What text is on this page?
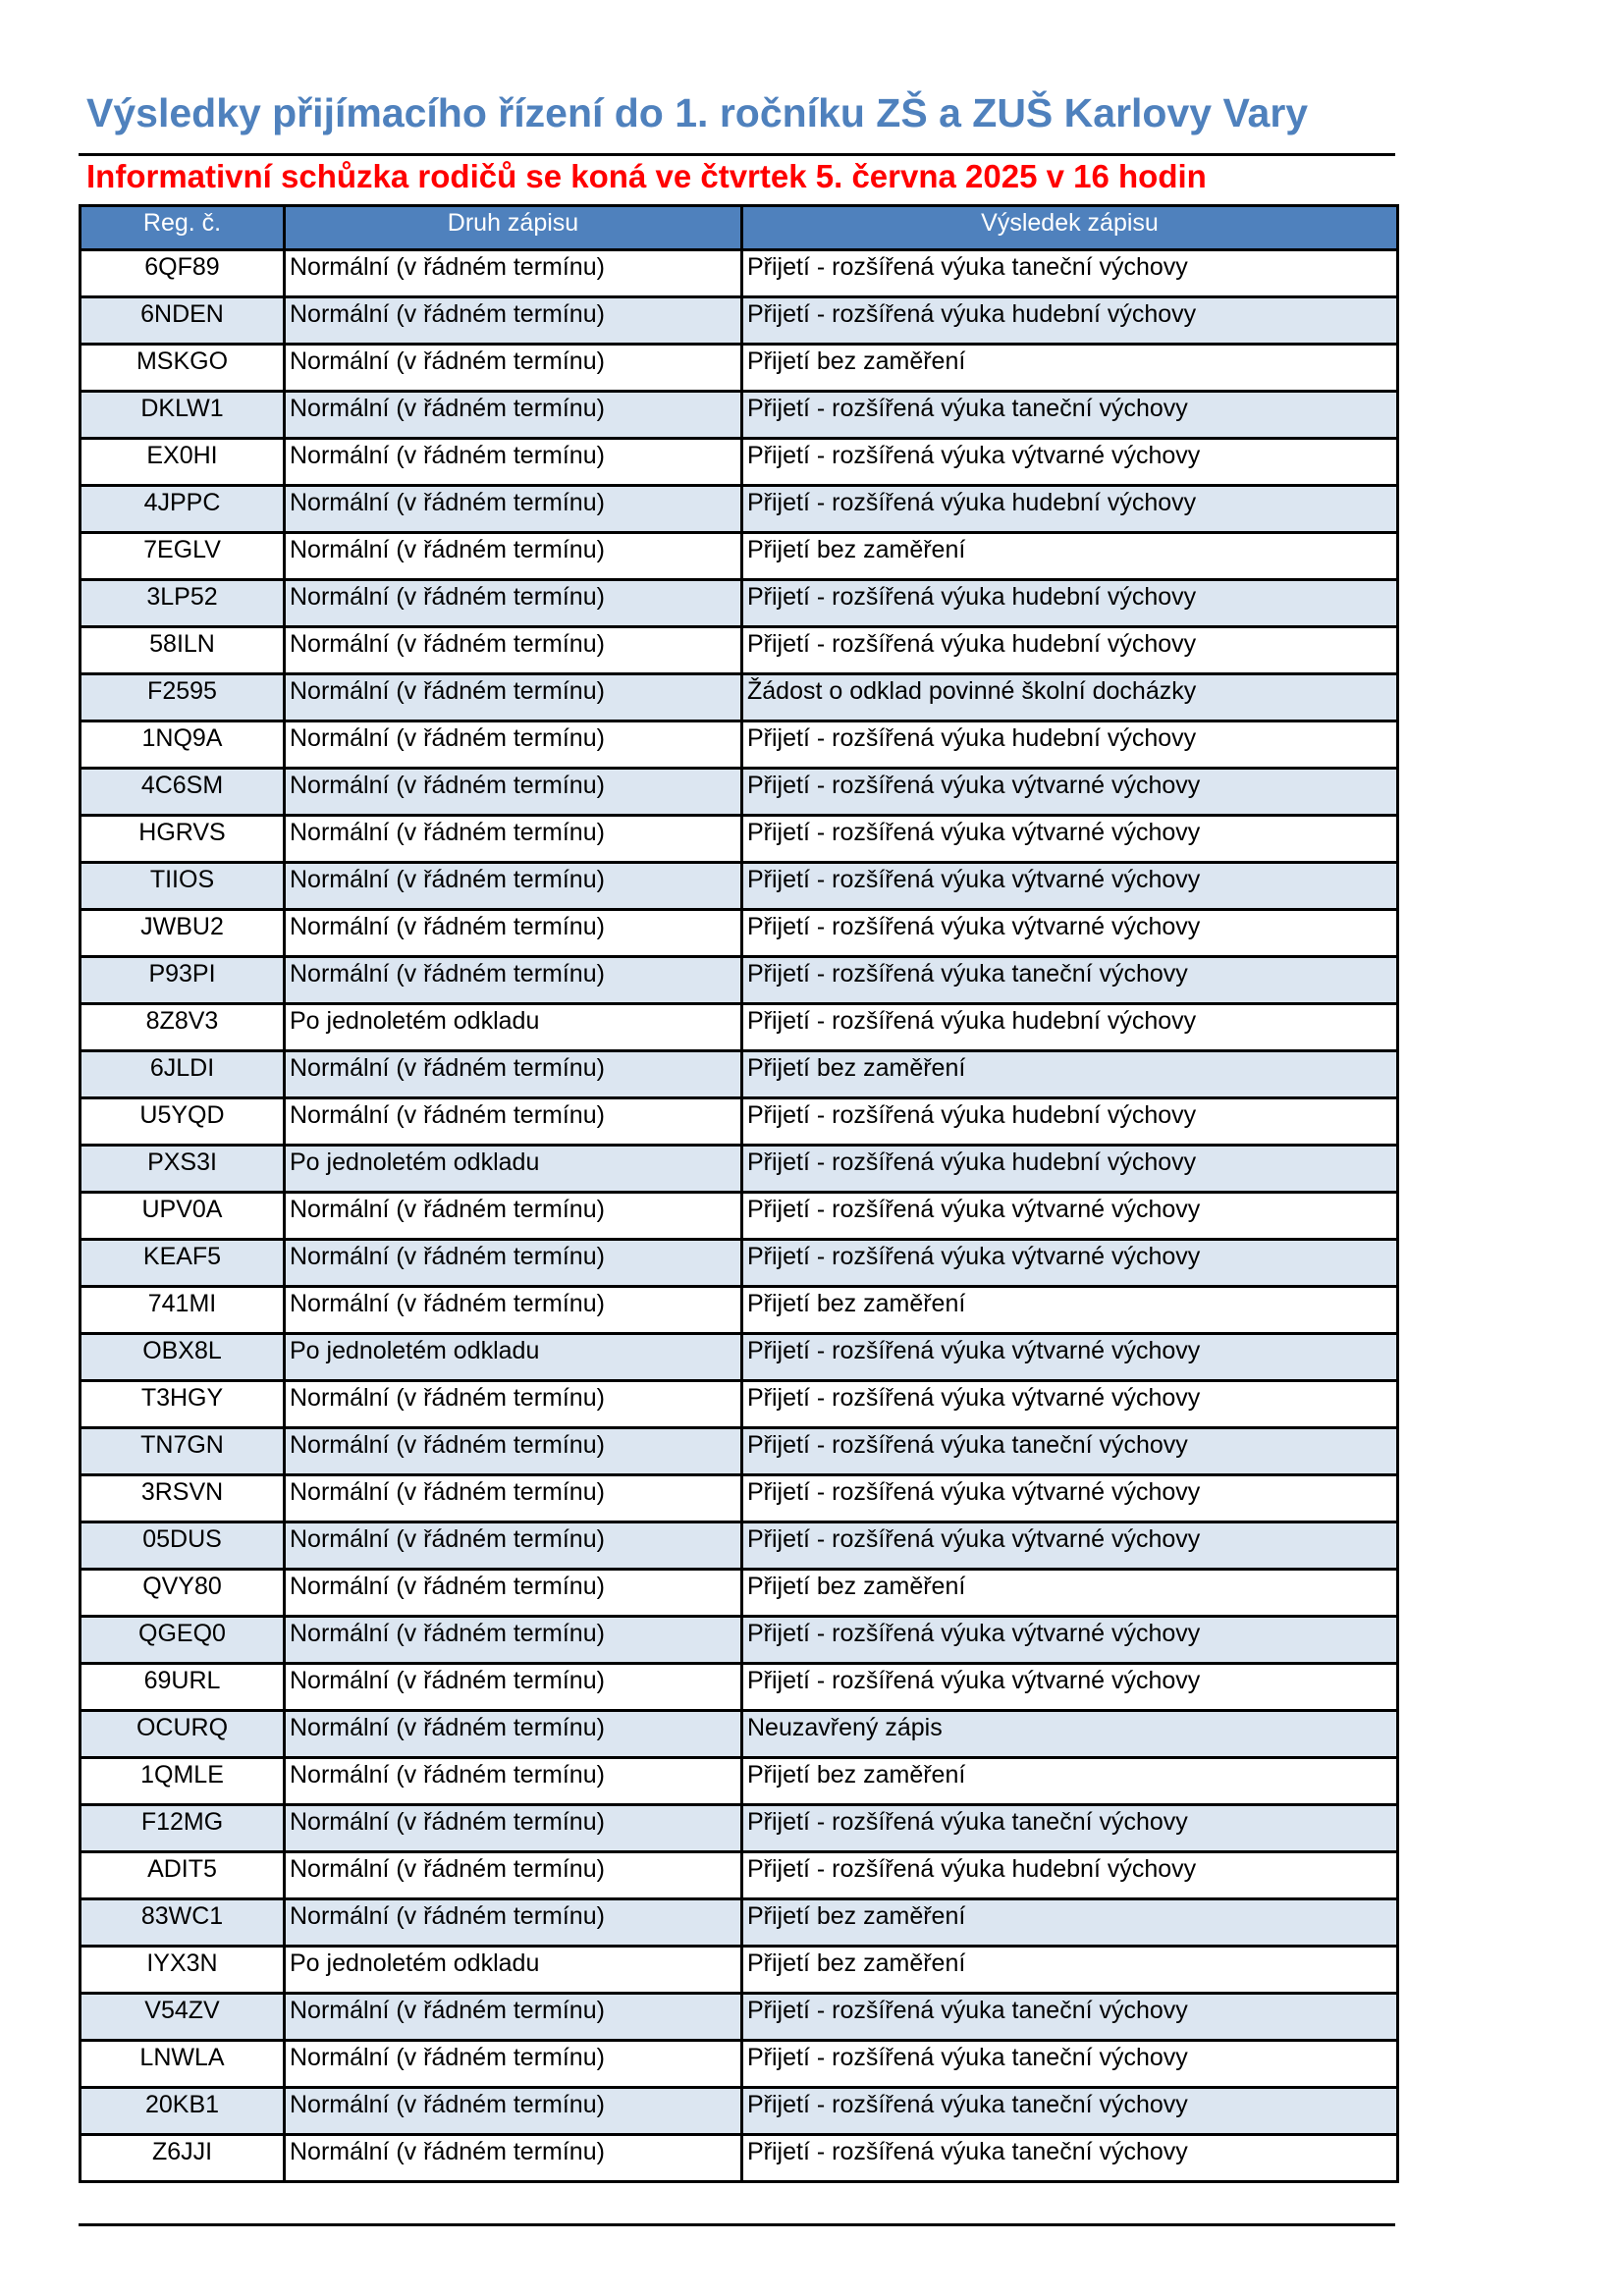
Výsledky přijímacího řízení do 1. ročníku ZŠ a ZUŠ Karlovy Vary
Informativní schůzka rodičů se koná ve čtvrtek 5. června 2025 v 16 hodin
Reg. č.	Druh zápisu	Výsledek zápisu
6QF89	Normální (v řádném termínu)	Přijetí - rozšířená výuka taneční výchovy
6NDEN	Normální (v řádném termínu)	Přijetí - rozšířená výuka hudební výchovy
MSKGO	Normální (v řádném termínu)	Přijetí bez zaměření
DKLW1	Normální (v řádném termínu)	Přijetí - rozšířená výuka taneční výchovy
EX0HI	Normální (v řádném termínu)	Přijetí - rozšířená výuka výtvarné výchovy
4JPPC	Normální (v řádném termínu)	Přijetí - rozšířená výuka hudební výchovy
7EGLV	Normální (v řádném termínu)	Přijetí bez zaměření
3LP52	Normální (v řádném termínu)	Přijetí - rozšířená výuka hudební výchovy
58ILN	Normální (v řádném termínu)	Přijetí - rozšířená výuka hudební výchovy
F2595	Normální (v řádném termínu)	Žádost o odklad povinné školní docházky
1NQ9A	Normální (v řádném termínu)	Přijetí - rozšířená výuka hudební výchovy
4C6SM	Normální (v řádném termínu)	Přijetí - rozšířená výuka výtvarné výchovy
HGRVS	Normální (v řádném termínu)	Přijetí - rozšířená výuka výtvarné výchovy
TIIOS	Normální (v řádném termínu)	Přijetí - rozšířená výuka výtvarné výchovy
JWBU2	Normální (v řádném termínu)	Přijetí - rozšířená výuka výtvarné výchovy
P93PI	Normální (v řádném termínu)	Přijetí - rozšířená výuka taneční výchovy
8Z8V3	Po jednoletém odkladu	Přijetí - rozšířená výuka hudební výchovy
6JLDI	Normální (v řádném termínu)	Přijetí bez zaměření
U5YQD	Normální (v řádném termínu)	Přijetí - rozšířená výuka hudební výchovy
PXS3I	Po jednoletém odkladu	Přijetí - rozšířená výuka hudební výchovy
UPV0A	Normální (v řádném termínu)	Přijetí - rozšířená výuka výtvarné výchovy
KEAF5	Normální (v řádném termínu)	Přijetí - rozšířená výuka výtvarné výchovy
741MI	Normální (v řádném termínu)	Přijetí bez zaměření
OBX8L	Po jednoletém odkladu	Přijetí - rozšířená výuka výtvarné výchovy
T3HGY	Normální (v řádném termínu)	Přijetí - rozšířená výuka výtvarné výchovy
TN7GN	Normální (v řádném termínu)	Přijetí - rozšířená výuka taneční výchovy
3RSVN	Normální (v řádném termínu)	Přijetí - rozšířená výuka výtvarné výchovy
05DUS	Normální (v řádném termínu)	Přijetí - rozšířená výuka výtvarné výchovy
QVY80	Normální (v řádném termínu)	Přijetí bez zaměření
QGEQ0	Normální (v řádném termínu)	Přijetí - rozšířená výuka výtvarné výchovy
69URL	Normální (v řádném termínu)	Přijetí - rozšířená výuka výtvarné výchovy
OCURQ	Normální (v řádném termínu)	Neuzavřený zápis
1QMLE	Normální (v řádném termínu)	Přijetí bez zaměření
F12MG	Normální (v řádném termínu)	Přijetí - rozšířená výuka taneční výchovy
ADIT5	Normální (v řádném termínu)	Přijetí - rozšířená výuka hudební výchovy
83WC1	Normální (v řádném termínu)	Přijetí bez zaměření
IYX3N	Po jednoletém odkladu	Přijetí bez zaměření
V54ZV	Normální (v řádném termínu)	Přijetí - rozšířená výuka taneční výchovy
LNWLA	Normální (v řádném termínu)	Přijetí - rozšířená výuka taneční výchovy
20KB1	Normální (v řádném termínu)	Přijetí - rozšířená výuka taneční výchovy
Z6JJI	Normální (v řádném termínu)	Přijetí - rozšířená výuka taneční výchovy
